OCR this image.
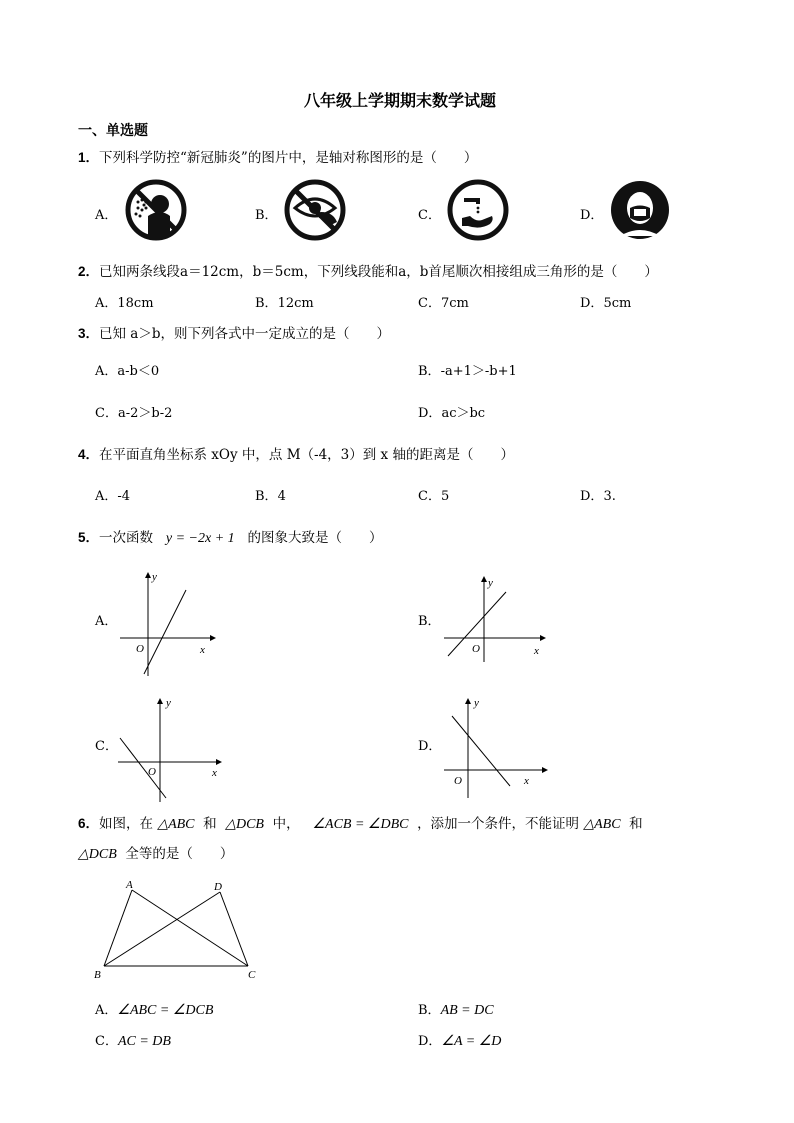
八年级上学期期末数学试题
一、单选题
1．下列科学防控“新冠肺炎”的图片中，是轴对称图形的是（　　）
A．	B．	C．	D．
2．已知两条线段a＝12cm，b＝5cm，下列线段能和a，b首尾顺次相接组成三角形的是（　　）
A．18cm	B．12cm	C．7cm	D．5cm
3．已知 a＞b，则下列各式中一定成立的是（　　）
A．a-b＜0	B．-a+1＞-b+1
C．a-2＞b-2	D．ac＞bc
4．在平面直角坐标系 xOy 中，点 M（-4，3）到 x 轴的距离是（　　）
A．-4	B．4	C．5	D．3.
5．一次函数 y = −2x + 1 的图象大致是（　　）
A．	B．
C．	D．
y
x
O
y
x
O
y
x
O
y
x
O
6．如图，在 △ABC 和 △DCB 中， ∠ACB = ∠DBC ，添加一个条件，不能证明 △ABC 和
△DCB 全等的是（　　）
A	D
B	C
A．∠ABC = ∠DCB	B．AB = DC
C．AC = DB	D．∠A = ∠D
